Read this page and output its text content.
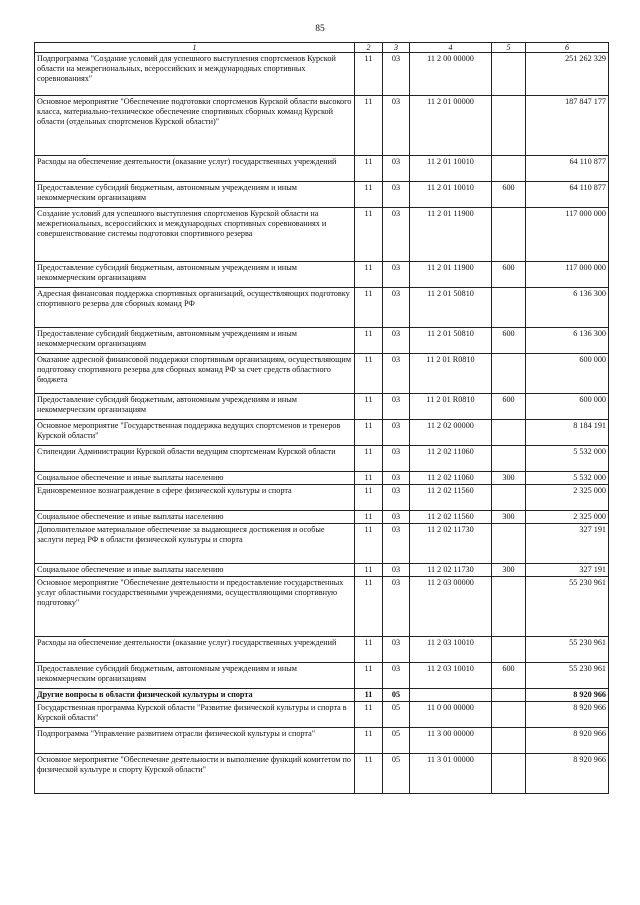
85
1	2	3	4	5	6
Подпрограмма "Создание условий для успешного выступления спортсменов Курской области на межрегиональных, всероссийских и международных спортивных соревнованиях"	11	03	11 2 00 00000		251 262 329
Основное мероприятие "Обеспечение подготовки спортсменов Курской области высокого класса, материально-техническое обеспечение спортивных сборных команд Курской области (отдельных спортсменов Курской области)"	11	03	11 2 01 00000		187 847 177
Расходы на обеспечение деятельности (оказание услуг) государственных учреждений	11	03	11 2 01 10010		64 110 877
Предоставление субсидий бюджетным, автономным учреждениям и иным некоммерческим организациям	11	03	11 2 01 10010	600	64 110 877
Создание условий для успешного выступления спортсменов Курской области на межрегиональных, всероссийских и международных спортивных соревнованиях и совершенствование системы подготовки спортивного резерва	11	03	11 2 01 11900		117 000 000
Предоставление субсидий бюджетным, автономным учреждениям и иным некоммерческим организациям	11	03	11 2 01 11900	600	117 000 000
Адресная финансовая поддержка спортивных организаций, осуществляющих подготовку спортивного резерва для сборных команд РФ	11	03	11 2 01 50810		6 136 300
Предоставление субсидий бюджетным, автономным учреждениям и иным некоммерческим организациям	11	03	11 2 01 50810	600	6 136 300
Оказание адресной финансовой поддержки спортивным организациям, осуществляющим подготовку спортивного резерва для сборных команд РФ за счет средств областного бюджета	11	03	11 2 01 R0810		600 000
Предоставление субсидий бюджетным, автономным учреждениям и иным некоммерческим организациям	11	03	11 2 01 R0810	600	600 000
Основное мероприятие "Государственная поддержка ведущих спортсменов и тренеров Курской области"	11	03	11 2 02 00000		8 184 191
Стипендии Администрации Курской области ведущим спортсменам Курской области	11	03	11 2 02 11060		5 532 000
Социальное обеспечение и иные выплаты населению	11	03	11 2 02 11060	300	5 532 000
Единовременное вознаграждение в сфере физической культуры и спорта	11	03	11 2 02 11560		2 325 000
Социальное обеспечение и иные выплаты населению	11	03	11 2 02 11560	300	2 325 000
Дополнительное материальное обеспечение за выдающиеся достижения и особые заслуги перед РФ в области физической культуры и спорта	11	03	11 2 02 11730		327 191
Социальное обеспечение и иные выплаты населению	11	03	11 2 02 11730	300	327 191
Основное мероприятие "Обеспечение деятельности и предоставление государственных услуг областными государственными учреждениями, осуществляющими спортивную подготовку"	11	03	11 2 03 00000		55 230 961
Расходы на обеспечение деятельности (оказание услуг) государственных учреждений	11	03	11 2 03 10010		55 230 961
Предоставление субсидий бюджетным, автономным учреждениям и иным некоммерческим организациям	11	03	11 2 03 10010	600	55 230 961
Другие вопросы в области физической культуры и спорта	11	05			8 920 966
Государственная программа Курской области "Развитие физической культуры и спорта в Курской области"	11	05	11 0 00 00000		8 920 966
Подпрограмма "Управление развитием отрасли физической культуры и спорта"	11	05	11 3 00 00000		8 920 966
Основное мероприятие "Обеспечение деятельности и выполнение функций комитетом по физической культуре и спорту Курской области"	11	05	11 3 01 00000		8 920 966
